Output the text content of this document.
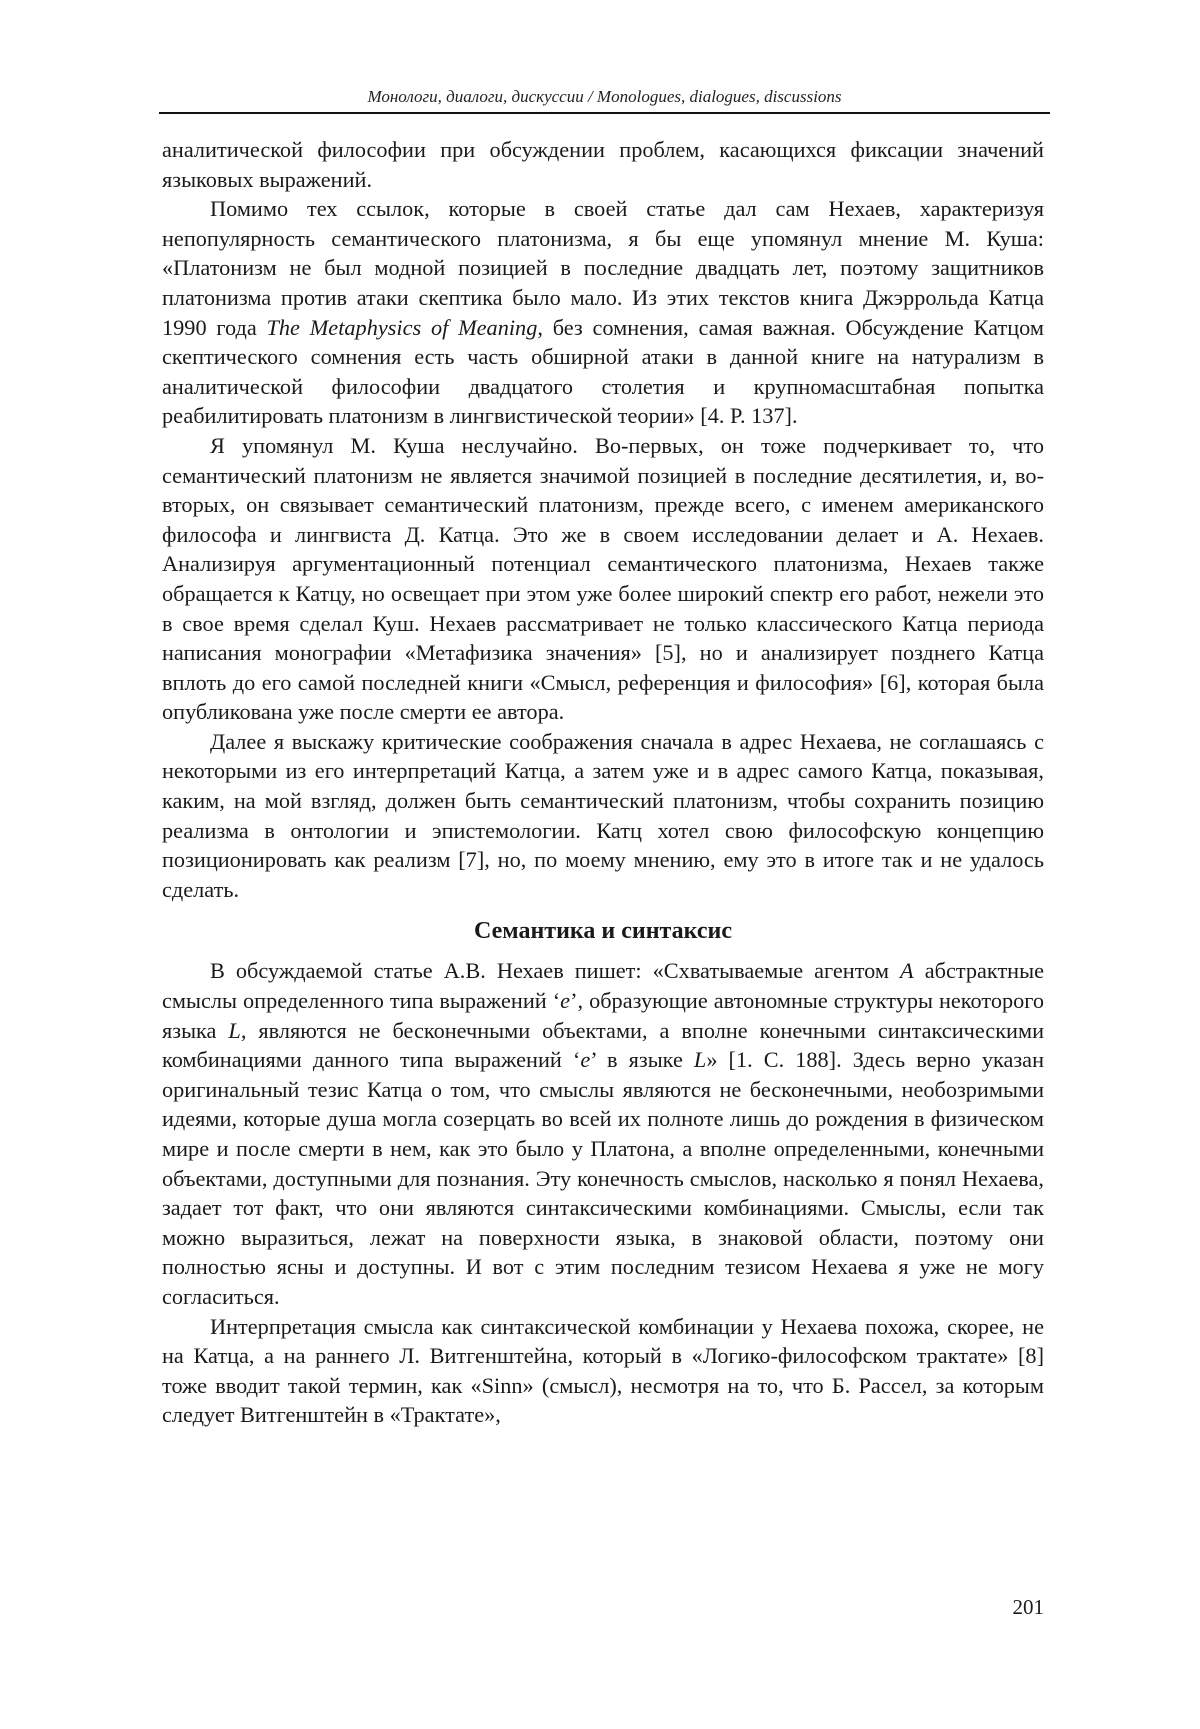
Монологи, диалоги, дискуссии / Monologues, dialogues, discussions

аналитической философии при обсуждении проблем, касающихся фиксации значений языковых выражений.

Помимо тех ссылок, которые в своей статье дал сам Нехаев, характеризуя непопулярность семантического платонизма, я бы еще упомянул мнение М. Куша: «Платонизм не был модной позицией в последние двадцать лет, поэтому защитников платонизма против атаки скептика было мало. Из этих текстов книга Джэррольда Катца 1990 года The Metaphysics of Meaning, без сомнения, самая важная. Обсуждение Катцом скептического сомнения есть часть обширной атаки в данной книге на натурализм в аналитической философии двадцатого столетия и крупномасштабная попытка реабилитировать платонизм в лингвистической теории» [4. P. 137].

Я упомянул М. Куша неслучайно. Во-первых, он тоже подчеркивает то, что семантический платонизм не является значимой позицией в последние десятилетия, и, во-вторых, он связывает семантический платонизм, прежде всего, с именем американского философа и лингвиста Д. Катца. Это же в своем исследовании делает и А. Нехаев. Анализируя аргументационный потенциал семантического платонизма, Нехаев также обращается к Катцу, но освещает при этом уже более широкий спектр его работ, нежели это в свое время сделал Куш. Нехаев рассматривает не только классического Катца периода написания монографии «Метафизика значения» [5], но и анализирует позднего Катца вплоть до его самой последней книги «Смысл, референция и философия» [6], которая была опубликована уже после смерти ее автора.

Далее я выскажу критические соображения сначала в адрес Нехаева, не соглашаясь с некоторыми из его интерпретаций Катца, а затем уже и в адрес самого Катца, показывая, каким, на мой взгляд, должен быть семантический платонизм, чтобы сохранить позицию реализма в онтологии и эпистемологии. Катц хотел свою философскую концепцию позиционировать как реализм [7], но, по моему мнению, ему это в итоге так и не удалось сделать.

Семантика и синтаксис

В обсуждаемой статье А.В. Нехаев пишет: «Схватываемые агентом A абстрактные смыслы определенного типа выражений ‘e’, образующие автономные структуры некоторого языка L, являются не бесконечными объектами, а вполне конечными синтаксическими комбинациями данного типа выражений ‘e’ в языке L» [1. С. 188]. Здесь верно указан оригинальный тезис Катца о том, что смыслы являются не бесконечными, необозримыми идеями, которые душа могла созерцать во всей их полноте лишь до рождения в физическом мире и после смерти в нем, как это было у Платона, а вполне определенными, конечными объектами, доступными для познания. Эту конечность смыслов, насколько я понял Нехаева, задает тот факт, что они являются синтаксическими комбинациями. Смыслы, если так можно выразиться, лежат на поверхности языка, в знаковой области, поэтому они полностью ясны и доступны. И вот с этим последним тезисом Нехаева я уже не могу согласиться.

Интерпретация смысла как синтаксической комбинации у Нехаева похожа, скорее, не на Катца, а на раннего Л. Витгенштейна, который в «Логико-философском трактате» [8] тоже вводит такой термин, как «Sinn» (смысл), несмотря на то, что Б. Рассел, за которым следует Витгенштейн в «Трактате»,

201
